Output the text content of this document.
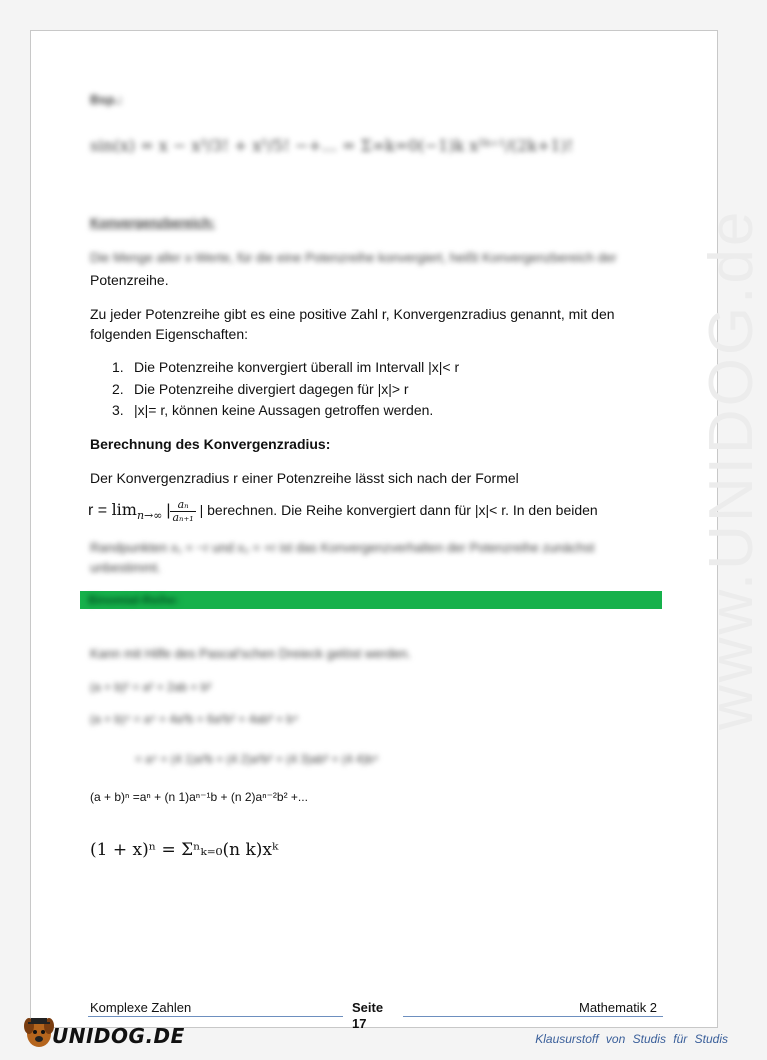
www.UNIDOG.de
Bsp.:
sin(x) = x − x³/3! + x⁵/5! −+... = Σ∞k=0(−1)k x²ᵏ⁺¹/(2k+1)!
Konvergenzbereich:
Die Menge aller x-Werte, für die eine Potenzreihe konvergiert, heißt Konvergenzbereich der
Potenzreihe.
Zu jeder Potenzreihe gibt es eine positive Zahl r, Konvergenzradius genannt, mit den
folgenden Eigenschaften:
1. Die Potenzreihe konvergiert überall im Intervall |x|< r
2. Die Potenzreihe divergiert dagegen für |x|> r
3. |x|= r, können keine Aussagen getroffen werden.
Berechnung des Konvergenzradius:
Der Konvergenzradius r einer Potenzreihe lässt sich nach der Formel
$r = \lim_{n\to\infty}$ | $\frac{\text{aₙ}}{\text{aₙ₊₁}}$ | berechnen. Die Reihe konvergiert dann für |x|< r. In den beiden
Randpunkten x₁ = −r und x₂ = +r ist das Konvergenzverhalten der Potenzreihe zunächst
unbestimmt.
Binomial-Reihe:
Kann mit Hilfe des Pascal'schen Dreieck gelöst werden.
(a + b)² = a² + 2ab + b²
(a + b)⁴ = a⁴ + 4a³b + 6a²b² + 4ab³ + b⁴
= a⁴ + (4 1)a³b + (4 2)a²b² + (4 3)ab³ + (4 4)b⁴
(a + b)ⁿ =aⁿ + (n 1)aⁿ⁻¹b + (n 2)aⁿ⁻²b² +...
(1 + x)ⁿ = Σⁿₖ₌₀(n k)xᵏ
Komplexe Zahlen	Seite 17
Mathematik 2
UNIDOG.DE	Klausurstoff von Studis für Studis
